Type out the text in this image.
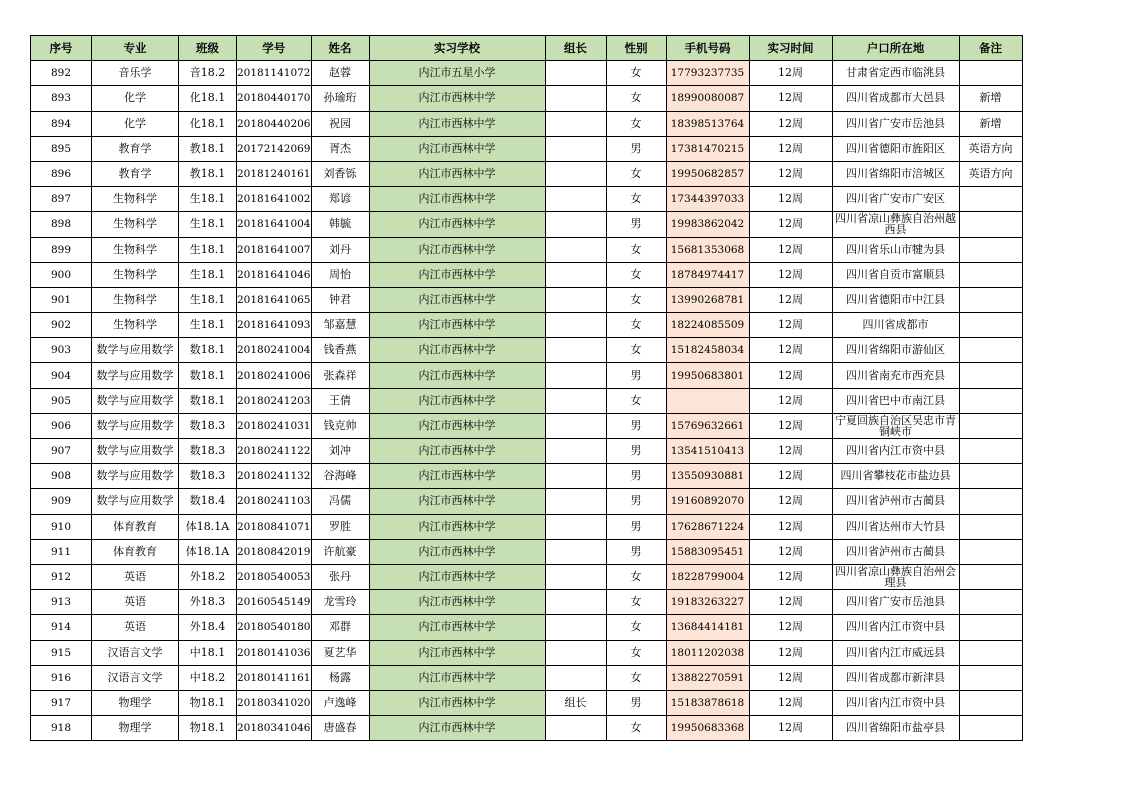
序号	专业	班级	学号	姓名	实习学校	组长	性别	手机号码	实习时间	户口所在地	备注
892	音乐学	音18.2	20181141072	赵蓉	内江市五星小学		女	17793237735	12周	甘肃省定西市临洮县	
893	化学	化18.1	20180440170	孙瑜珩	内江市西林中学		女	18990080087	12周	四川省成都市大邑县	新增
894	化学	化18.1	20180440206	祝园	内江市西林中学		女	18398513764	12周	四川省广安市岳池县	新增
895	教育学	教18.1	20172142069	胥杰	内江市西林中学		男	17381470215	12周	四川省德阳市旌阳区	英语方向
896	教育学	教18.1	20181240161	刘香铄	内江市西林中学		女	19950682857	12周	四川省绵阳市涪城区	英语方向
897	生物科学	生18.1	20181641002	郑谚	内江市西林中学		女	17344397033	12周	四川省广安市广安区	
898	生物科学	生18.1	20181641004	韩毓	内江市西林中学		男	19983862042	12周	四川省凉山彝族自治州越西县	
899	生物科学	生18.1	20181641007	刘丹	内江市西林中学		女	15681353068	12周	四川省乐山市犍为县	
900	生物科学	生18.1	20181641046	周怡	内江市西林中学		女	18784974417	12周	四川省自贡市富顺县	
901	生物科学	生18.1	20181641065	钟君	内江市西林中学		女	13990268781	12周	四川省德阳市中江县	
902	生物科学	生18.1	20181641093	邹嘉慧	内江市西林中学		女	18224085509	12周	四川省成都市	
903	数学与应用数学	数18.1	20180241004	钱香燕	内江市西林中学		女	15182458034	12周	四川省绵阳市游仙区	
904	数学与应用数学	数18.1	20180241006	张森祥	内江市西林中学		男	19950683801	12周	四川省南充市西充县	
905	数学与应用数学	数18.1	20180241203	王倩	内江市西林中学		女		12周	四川省巴中市南江县	
906	数学与应用数学	数18.3	20180241031	钱克帅	内江市西林中学		男	15769632661	12周	宁夏回族自治区吴忠市青铜峡市	
907	数学与应用数学	数18.3	20180241122	刘冲	内江市西林中学		男	13541510413	12周	四川省内江市资中县	
908	数学与应用数学	数18.3	20180241132	谷海峰	内江市西林中学		男	13550930881	12周	四川省攀枝花市盐边县	
909	数学与应用数学	数18.4	20180241103	冯儒	内江市西林中学		男	19160892070	12周	四川省泸州市古蔺县	
910	体育教育	体18.1A	20180841071	罗胜	内江市西林中学		男	17628671224	12周	四川省达州市大竹县	
911	体育教育	体18.1A	20180842019	许航豪	内江市西林中学		男	15883095451	12周	四川省泸州市古蔺县	
912	英语	外18.2	20180540053	张丹	内江市西林中学		女	18228799004	12周	四川省凉山彝族自治州会理县	
913	英语	外18.3	20160545149	龙雪玲	内江市西林中学		女	19183263227	12周	四川省广安市岳池县	
914	英语	外18.4	20180540180	邓群	内江市西林中学		女	13684414181	12周	四川省内江市资中县	
915	汉语言文学	中18.1	20180141036	夏艺华	内江市西林中学		女	18011202038	12周	四川省内江市威远县	
916	汉语言文学	中18.2	20180141161	杨露	内江市西林中学		女	13882270591	12周	四川省成都市新津县	
917	物理学	物18.1	20180341020	卢逸峰	内江市西林中学	组长	男	15183878618	12周	四川省内江市资中县	
918	物理学	物18.1	20180341046	唐盛春	内江市西林中学		女	19950683368	12周	四川省绵阳市盐亭县	
